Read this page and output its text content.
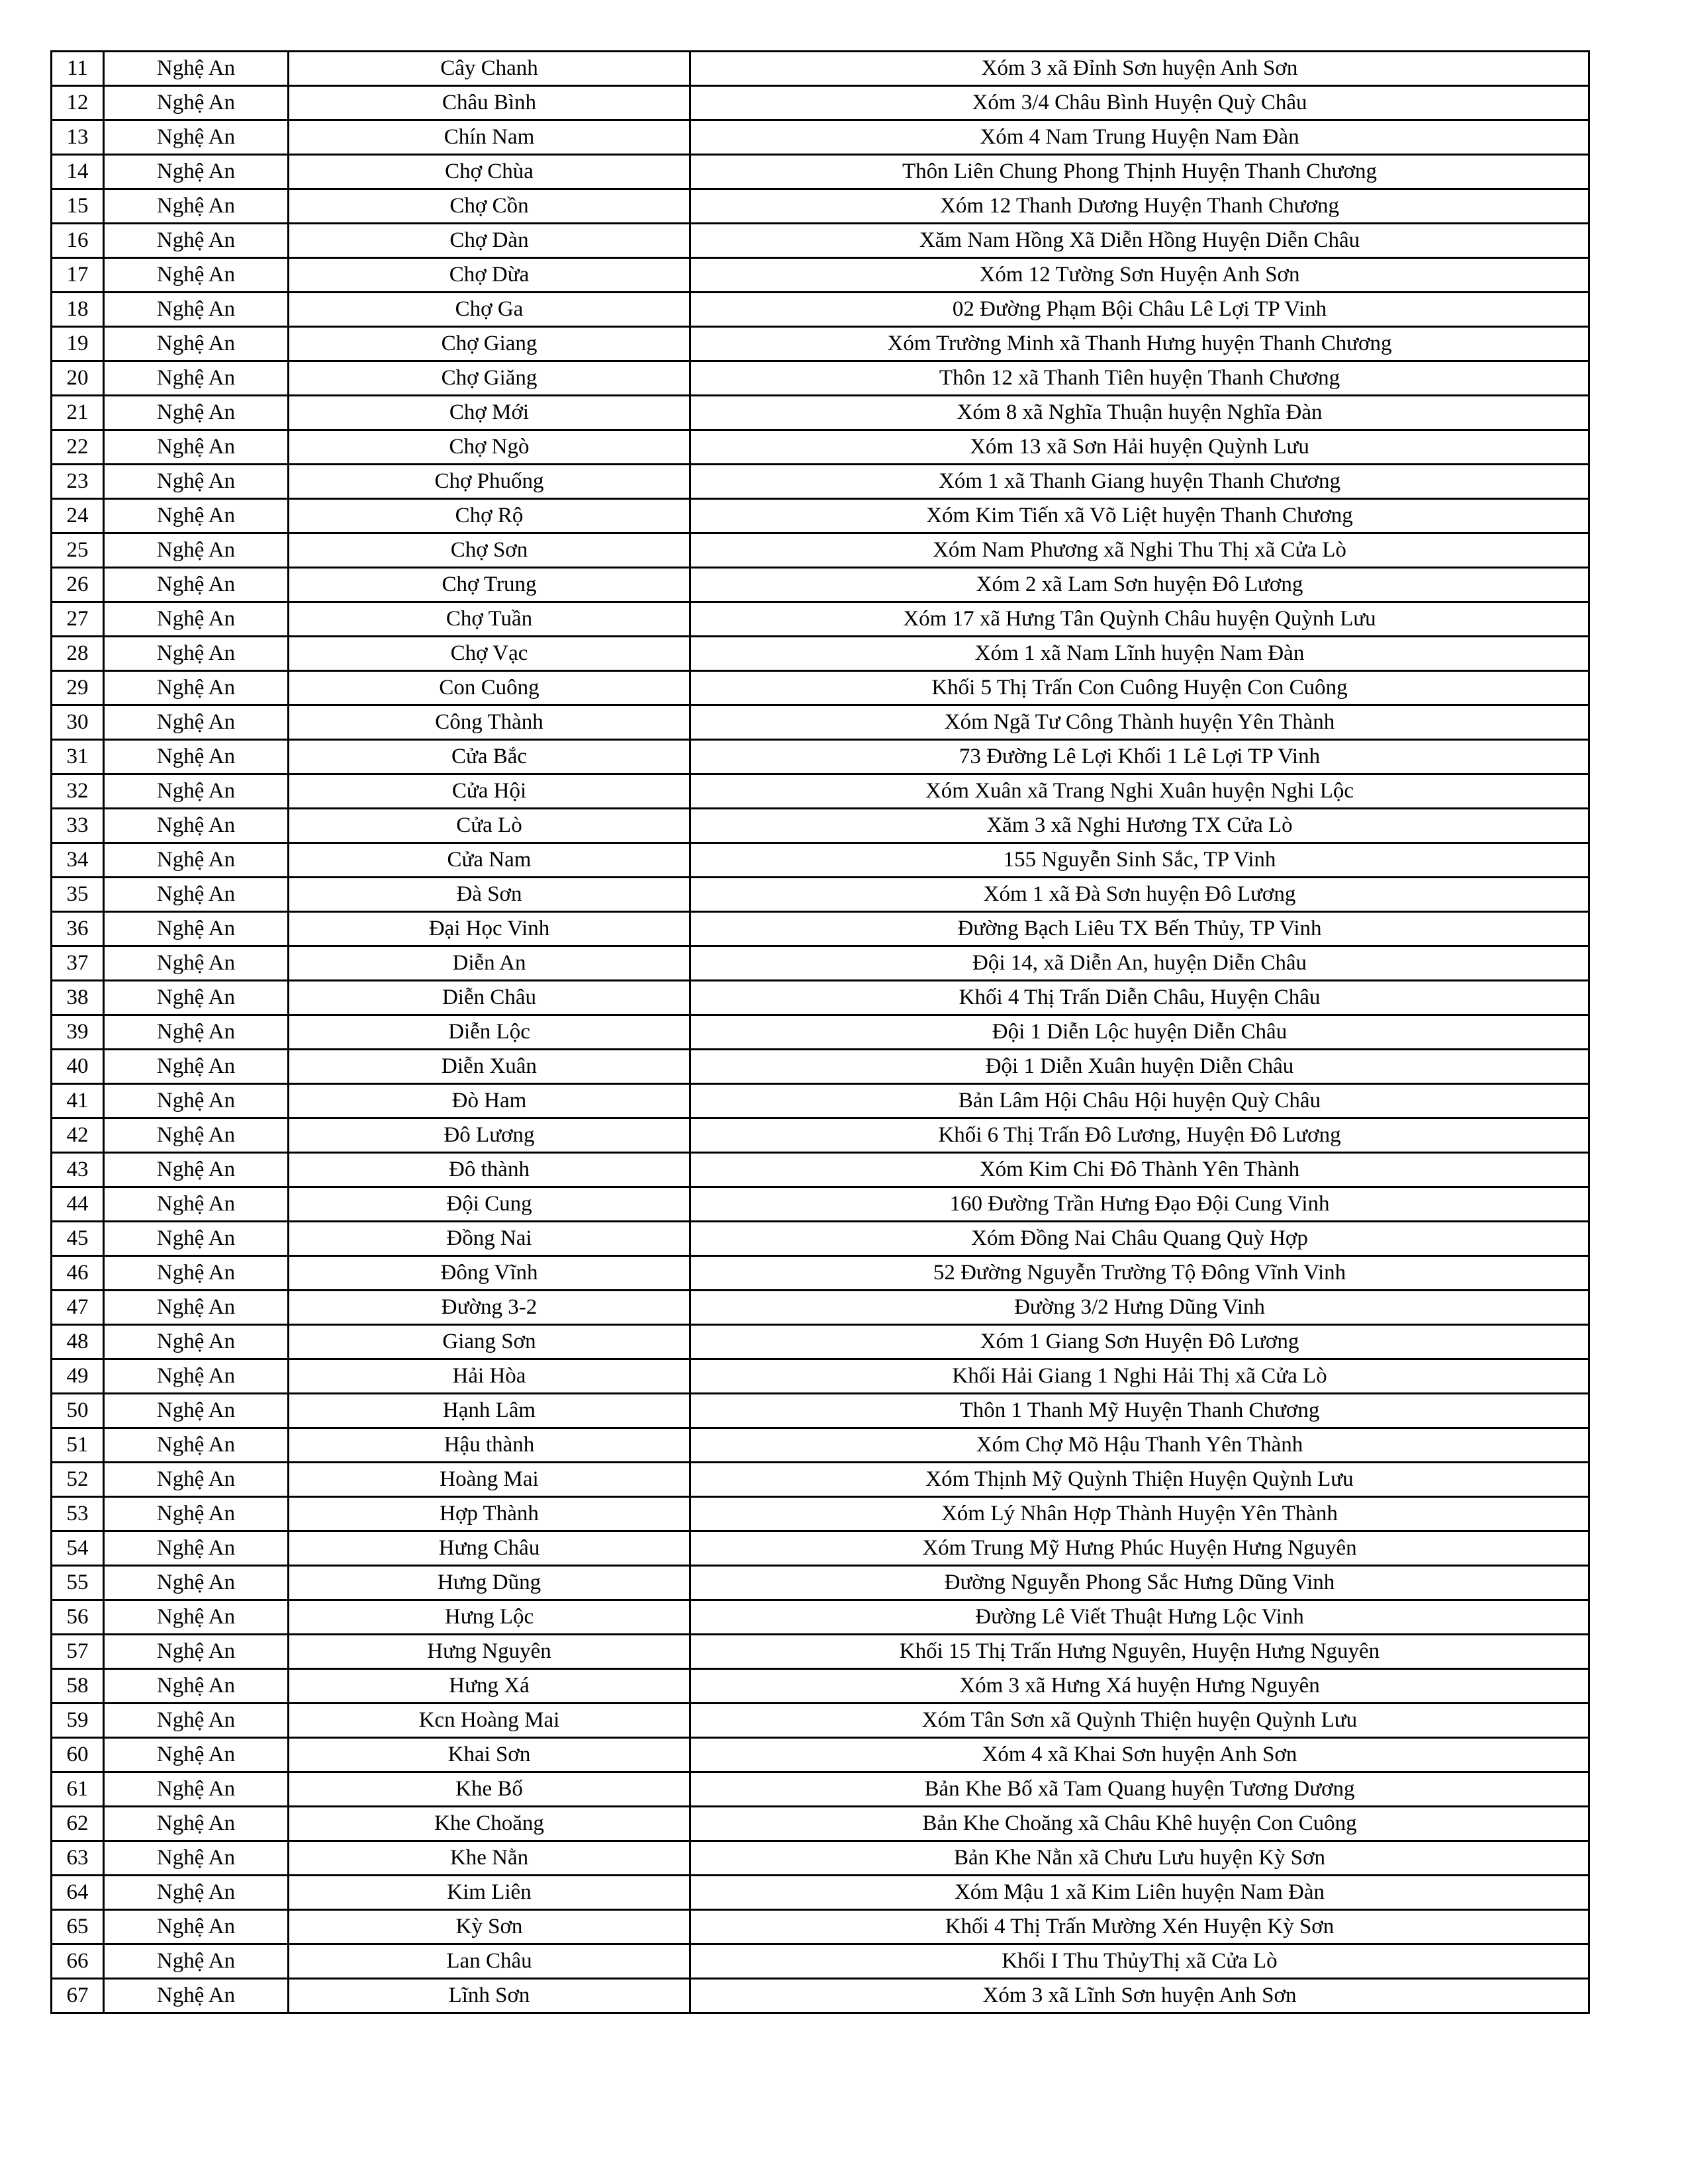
11	Nghệ An	Cây Chanh	Xóm 3 xã Đỉnh Sơn huyện Anh Sơn
12	Nghệ An	Châu Bình	Xóm 3/4 Châu Bình Huyện Quỳ Châu
13	Nghệ An	Chín Nam	Xóm 4 Nam Trung Huyện Nam Đàn
14	Nghệ An	Chợ Chùa	Thôn Liên Chung Phong Thịnh Huyện Thanh Chương
15	Nghệ An	Chợ Cồn	Xóm 12 Thanh Dương Huyện Thanh Chương
16	Nghệ An	Chợ Dàn	Xăm Nam Hồng Xã Diễn Hồng Huyện Diễn Châu
17	Nghệ An	Chợ Dừa	Xóm 12 Tường Sơn Huyện Anh Sơn
18	Nghệ An	Chợ Ga	02 Đường Phạm Bội Châu Lê Lợi TP Vinh
19	Nghệ An	Chợ Giang	Xóm Trường Minh xã Thanh Hưng huyện Thanh Chương
20	Nghệ An	Chợ Giăng	Thôn 12 xã Thanh Tiên huyện Thanh Chương
21	Nghệ An	Chợ Mới	Xóm 8 xã Nghĩa Thuận huyện Nghĩa Đàn
22	Nghệ An	Chợ Ngò	Xóm 13 xã Sơn Hải huyện Quỳnh Lưu
23	Nghệ An	Chợ Phuống	Xóm 1 xã Thanh Giang huyện Thanh Chương
24	Nghệ An	Chợ Rộ	Xóm Kim Tiến xã Võ Liệt huyện Thanh Chương
25	Nghệ An	Chợ Sơn	Xóm Nam Phương xã Nghi Thu Thị xã Cửa Lò
26	Nghệ An	Chợ Trung	Xóm 2 xã Lam Sơn huyện Đô Lương
27	Nghệ An	Chợ Tuần	Xóm 17 xã Hưng Tân Quỳnh Châu huyện Quỳnh Lưu
28	Nghệ An	Chợ Vạc	Xóm 1 xã Nam Lĩnh huyện Nam Đàn
29	Nghệ An	Con Cuông	Khối 5 Thị Trấn Con Cuông Huyện Con Cuông
30	Nghệ An	Công Thành	Xóm Ngã Tư Công Thành huyện Yên Thành
31	Nghệ An	Cửa Bắc	73 Đường Lê Lợi Khối 1 Lê Lợi TP Vinh
32	Nghệ An	Cửa Hội	Xóm Xuân xã Trang Nghi Xuân huyện Nghi Lộc
33	Nghệ An	Cửa Lò	Xăm 3 xã Nghi Hương TX Cửa Lò
34	Nghệ An	Cửa Nam	155 Nguyễn Sinh Sắc, TP Vinh
35	Nghệ An	Đà Sơn	Xóm 1 xã Đà Sơn huyện Đô Lương
36	Nghệ An	Đại Học Vinh	Đường Bạch Liêu TX Bến Thủy, TP Vinh
37	Nghệ An	Diễn An	Đội 14, xã Diễn An, huyện Diễn Châu
38	Nghệ An	Diễn Châu	Khối 4 Thị Trấn Diễn Châu, Huyện Châu
39	Nghệ An	Diễn Lộc	Đội 1 Diễn Lộc huyện Diễn Châu
40	Nghệ An	Diễn Xuân	Đội 1 Diễn Xuân huyện Diễn Châu
41	Nghệ An	Đò Ham	Bản Lâm Hội Châu Hội huyện Quỳ Châu
42	Nghệ An	Đô Lương	Khối 6 Thị Trấn Đô Lương, Huyện Đô Lương
43	Nghệ An	Đô thành	Xóm Kim Chi Đô Thành Yên Thành
44	Nghệ An	Đội Cung	160 Đường Trần Hưng Đạo Đội Cung Vinh
45	Nghệ An	Đồng Nai	Xóm Đồng Nai Châu Quang Quỳ Hợp
46	Nghệ An	Đông Vĩnh	52 Đường Nguyễn Trường Tộ Đông Vĩnh Vinh
47	Nghệ An	Đường 3-2	Đường 3/2 Hưng Dũng Vinh
48	Nghệ An	Giang Sơn	Xóm 1 Giang Sơn Huyện Đô Lương
49	Nghệ An	Hải Hòa	Khối Hải Giang 1 Nghi Hải Thị xã Cửa Lò
50	Nghệ An	Hạnh Lâm	Thôn 1 Thanh Mỹ Huyện Thanh Chương
51	Nghệ An	Hậu thành	Xóm Chợ Mõ Hậu Thanh Yên Thành
52	Nghệ An	Hoàng Mai	Xóm Thịnh Mỹ Quỳnh Thiện Huyện Quỳnh Lưu
53	Nghệ An	Hợp Thành	Xóm Lý Nhân Hợp Thành Huyện Yên Thành
54	Nghệ An	Hưng Châu	Xóm Trung Mỹ Hưng Phúc Huyện Hưng Nguyên
55	Nghệ An	Hưng Dũng	Đường Nguyễn Phong Sắc Hưng Dũng Vinh
56	Nghệ An	Hưng Lộc	Đường Lê Viết Thuật Hưng Lộc Vinh
57	Nghệ An	Hưng Nguyên	Khối 15 Thị Trấn Hưng Nguyên, Huyện Hưng Nguyên
58	Nghệ An	Hưng Xá	Xóm 3 xã Hưng Xá huyện Hưng Nguyên
59	Nghệ An	Kcn Hoàng Mai	Xóm Tân Sơn xã Quỳnh Thiện huyện Quỳnh Lưu
60	Nghệ An	Khai Sơn	Xóm 4 xã Khai Sơn huyện Anh Sơn
61	Nghệ An	Khe Bố	Bản Khe Bố xã Tam Quang huyện Tương Dương
62	Nghệ An	Khe Choăng	Bản Khe Choăng xã Châu Khê huyện Con Cuông
63	Nghệ An	Khe Nằn	Bản Khe Nằn xã Chưu Lưu huyện Kỳ Sơn
64	Nghệ An	Kim Liên	Xóm Mậu 1 xã Kim Liên huyện Nam Đàn
65	Nghệ An	Kỳ Sơn	Khối 4 Thị Trấn Mường Xén Huyện Kỳ Sơn
66	Nghệ An	Lan Châu	Khối I Thu ThủyThị xã Cửa Lò
67	Nghệ An	Lĩnh Sơn	Xóm 3 xã Lĩnh Sơn huyện Anh Sơn
